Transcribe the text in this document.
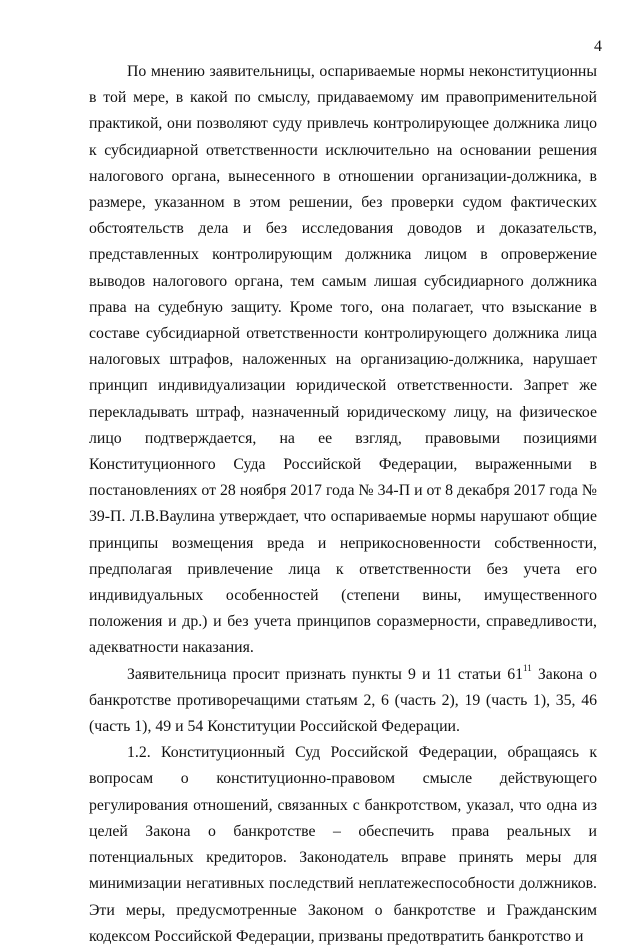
4

По мнению заявительницы, оспариваемые нормы неконституционны в той мере, в какой по смыслу, придаваемому им правоприменительной практикой, они позволяют суду привлечь контролирующее должника лицо к субсидиарной ответственности исключительно на основании решения налогового органа, вынесенного в отношении организации-должника, в размере, указанном в этом решении, без проверки судом фактических обстоятельств дела и без исследования доводов и доказательств, представленных контролирующим должника лицом в опровержение выводов налогового органа, тем самым лишая субсидиарного должника права на судебную защиту. Кроме того, она полагает, что взыскание в составе субсидиарной ответственности контролирующего должника лица налоговых штрафов, наложенных на организацию-должника, нарушает принцип индивидуализации юридической ответственности. Запрет же перекладывать штраф, назначенный юридическому лицу, на физическое лицо подтверждается, на ее взгляд, правовыми позициями Конституционного Суда Российской Федерации, выраженными в постановлениях от 28 ноября 2017 года № 34-П и от 8 декабря 2017 года № 39-П. Л.В.Ваулина утверждает, что оспариваемые нормы нарушают общие принципы возмещения вреда и неприкосновенности собственности, предполагая привлечение лица к ответственности без учета его индивидуальных особенностей (степени вины, имущественного положения и др.) и без учета принципов соразмерности, справедливости, адекватности наказания.

Заявительница просит признать пункты 9 и 11 статьи $61^{11}$ Закона о банкротстве противоречащими статьям 2, 6 (часть 2), 19 (часть 1), 35, 46 (часть 1), 49 и 54 Конституции Российской Федерации.

1.2. Конституционный Суд Российской Федерации, обращаясь к вопросам о конституционно-правовом смысле действующего регулирования отношений, связанных с банкротством, указал, что одна из целей Закона о банкротстве – обеспечить права реальных и потенциальных кредиторов. Законодатель вправе принять меры для минимизации негативных последствий неплатежеспособности должников. Эти меры, предусмотренные Законом о банкротстве и Гражданским кодексом Российской Федерации, призваны предотвратить банкротство и
